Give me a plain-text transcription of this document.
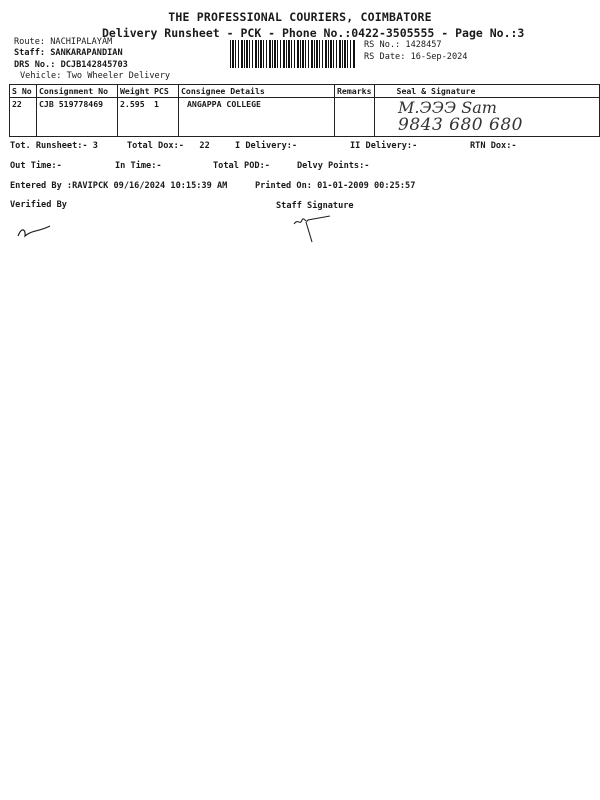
THE PROFESSIONAL COURIERS, COIMBATORE
Delivery Runsheet - PCK - Phone No.:0422-3505555 - Page No.:3
Route: NACHIPALAYAM
Staff: SANKARAPANDIAN
DRS No.: DCJB142845703
Vehicle: Two Wheeler Delivery
RS No.: 1428457
RS Date: 16-Sep-2024
S No	Consignment No	Weight	PCS	Consignee Details	Remarks	Seal & Signature
22	CJB 519778469	2.595	1	ANGAPPA COLLEGE			M.ЭЭЭ Sam
9843 680 680
Tot. Runsheet:- 3	Total Dox:-   22	I Delivery:-	II Delivery:-	RTN Dox:-
Out Time:-	In Time:-	Total POD:-	Delvy Points:-
Entered By :RAVIPCK 09/16/2024 10:15:39 AM	Printed On: 01-01-2009 00:25:57
Verified By	Staff Signature
